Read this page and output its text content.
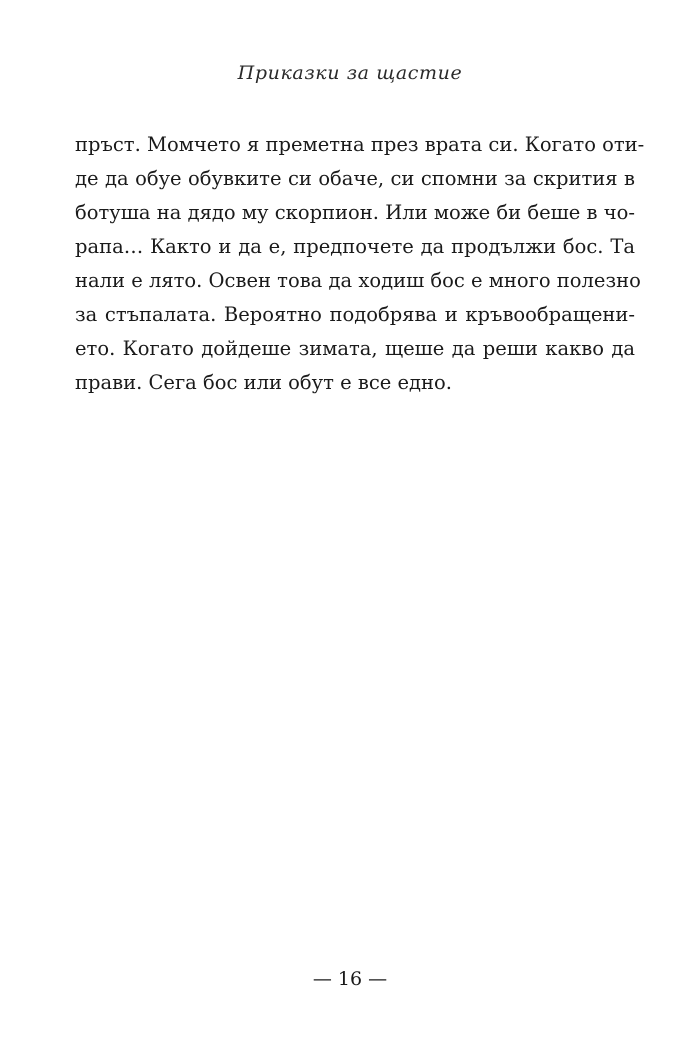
Приказки за щастие
пръст. Момчето я преметна през врата си. Когато оти-
де да обуе обувките си обаче, си спомни за скрития в
ботуша на дядо му скорпион. Или може би беше в чо-
рапа… Както и да е, предпочете да продължи бос. Та
нали е лято. Освен това да ходиш бос е много полезно
за стъпалата. Вероятно подобрява и кръвообращени-
ето. Когато дойдеше зимата, щеше да реши какво да
прави. Сега бос или обут е все едно.
— 16 —
